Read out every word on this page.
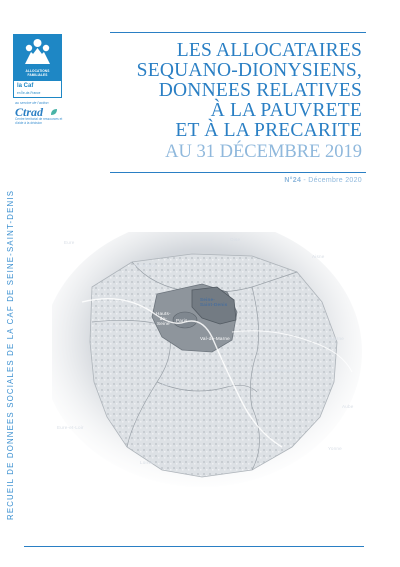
ALLOCATIONS
FAMILIALES
la Caf
en Île-de-France
au service de l'action
Ctrad
Centre territorial de ressources et d'aide à la décision
RECUEIL DE DONNEES SOCIALES DE LA CAF DE SEINE-SAINT-DENIS
LES ALLOCATAIRES
SEQUANO-DIONYSIENS,
DONNEES RELATIVES
À LA PAUVRETE
ET À LA PRECARITE
AU 31 DÉCEMBRE 2019
N°24 - Décembre 2020
Eure
Oise
Aisne
Val-d'Oise
Seine-
Saint-Denis
Hauts-
de-
Seine
Paris
Yvelines
Val-de-Marne	Marne
Seine-et-Marne
Essonne
Aube
Eure-et-Loir
Yonne
Loiret
